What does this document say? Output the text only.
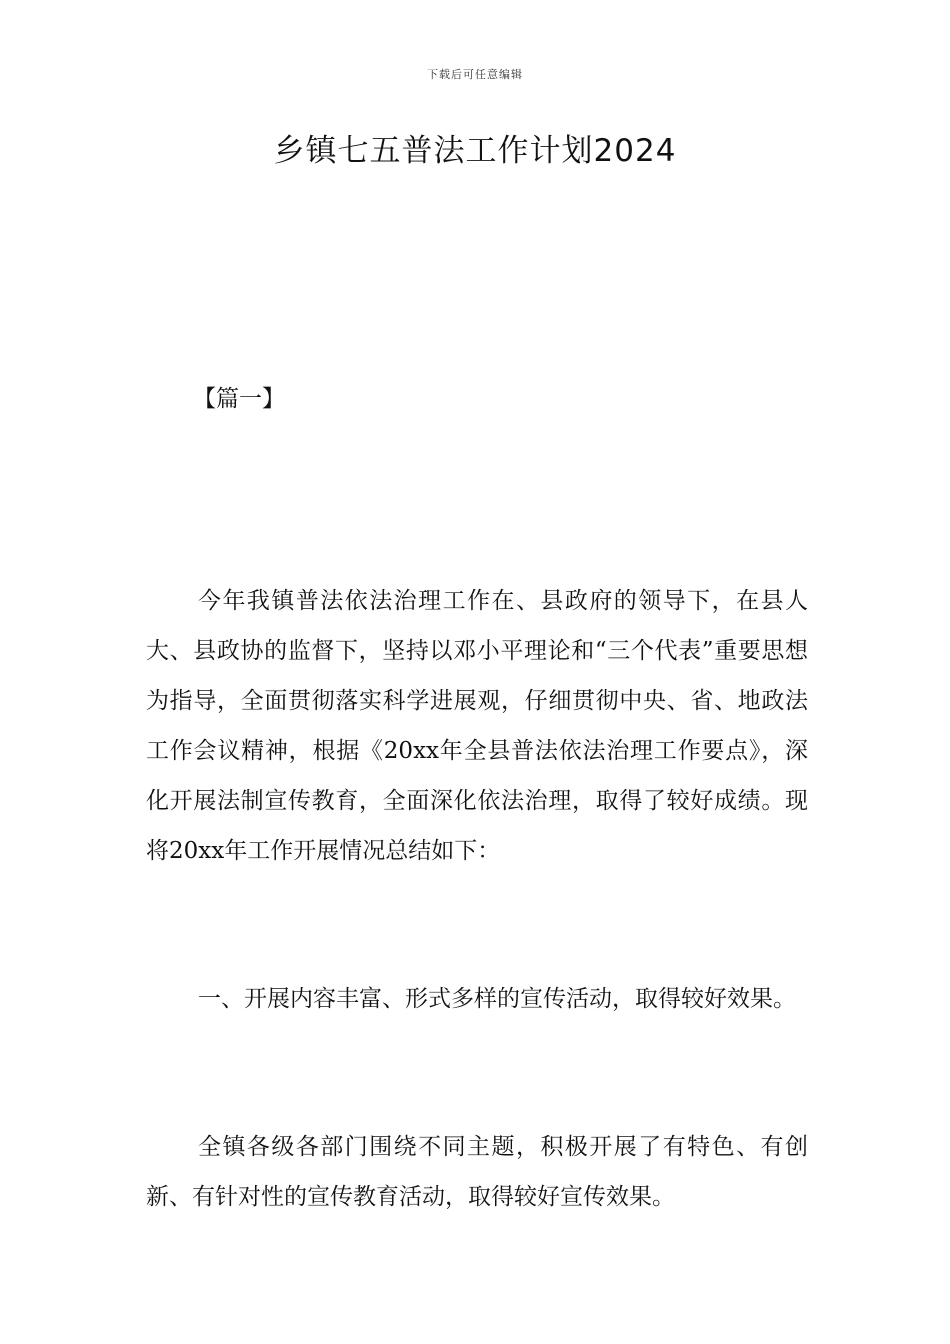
下载后可任意编辑
乡镇七五普法工作计划2024
【篇一】

今年我镇普法依法治理工作在、县政府的领导下，在县人大、县政协的监督下，坚持以邓小平理论和“三个代表”重要思想为指导，全面贯彻落实科学进展观，仔细贯彻中央、省、地政法工作会议精神，根据《20xx年全县普法依法治理工作要点》，深化开展法制宣传教育，全面深化依法治理，取得了较好成绩。现将20xx年工作开展情况总结如下：

一、开展内容丰富、形式多样的宣传活动，取得较好效果。

全镇各级各部门围绕不同主题，积极开展了有特色、有创新、有针对性的宣传教育活动，取得较好宣传效果。
